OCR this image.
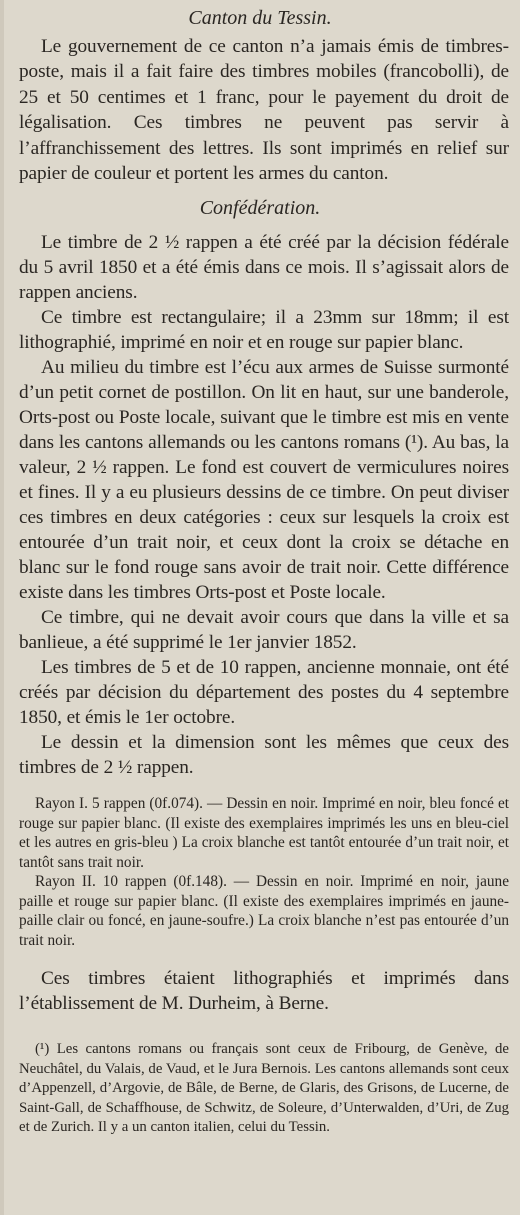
Canton du Tessin.

Le gouvernement de ce canton n’a jamais émis de timbres-poste, mais il a fait faire des timbres mobiles (francobolli), de 25 et 50 centimes et 1 franc, pour le payement du droit de légalisation. Ces timbres ne peuvent pas servir à l’affranchissement des lettres. Ils sont imprimés en relief sur papier de couleur et portent les armes du canton.

Confédération.

Le timbre de 2 ½ rappen a été créé par la décision fédérale du 5 avril 1850 et a été émis dans ce mois. Il s’agissait alors de rappen anciens.

Ce timbre est rectangulaire; il a 23mm sur 18mm; il est lithographié, imprimé en noir et en rouge sur papier blanc.

Au milieu du timbre est l’écu aux armes de Suisse surmonté d’un petit cornet de postillon. On lit en haut, sur une banderole, Orts-post ou Poste locale, suivant que le timbre est mis en vente dans les cantons allemands ou les cantons romans (¹). Au bas, la valeur, 2 ½ rappen. Le fond est couvert de vermiculures noires et fines. Il y a eu plusieurs dessins de ce timbre. On peut diviser ces timbres en deux catégories : ceux sur lesquels la croix est entourée d’un trait noir, et ceux dont la croix se détache en blanc sur le fond rouge sans avoir de trait noir. Cette différence existe dans les timbres Orts-post et Poste locale.

Ce timbre, qui ne devait avoir cours que dans la ville et sa banlieue, a été supprimé le 1er janvier 1852.

Les timbres de 5 et de 10 rappen, ancienne monnaie, ont été créés par décision du département des postes du 4 septembre 1850, et émis le 1er octobre.

Le dessin et la dimension sont les mêmes que ceux des timbres de 2 ½ rappen.

Rayon I. 5 rappen (0f.074). — Dessin en noir. Imprimé en noir, bleu foncé et rouge sur papier blanc. (Il existe des exemplaires imprimés les uns en bleu-ciel et les autres en gris-bleu ) La croix blanche est tantôt entourée d’un trait noir, et tantôt sans trait noir.

Rayon II. 10 rappen (0f.148). — Dessin en noir. Imprimé en noir, jaune paille et rouge sur papier blanc. (Il existe des exemplaires imprimés en jaune-paille clair ou foncé, en jaune-soufre.) La croix blanche n’est pas entourée d’un trait noir.

Ces timbres étaient lithographiés et imprimés dans l’établissement de M. Durheim, à Berne.

(¹) Les cantons romans ou français sont ceux de Fribourg, de Genève, de Neuchâtel, du Valais, de Vaud, et le Jura Bernois. Les cantons allemands sont ceux d’Appenzell, d’Argovie, de Bâle, de Berne, de Glaris, des Grisons, de Lucerne, de Saint-Gall, de Schaffhouse, de Schwitz, de Soleure, d’Unterwalden, d’Uri, de Zug et de Zurich. Il y a un canton italien, celui du Tessin.
